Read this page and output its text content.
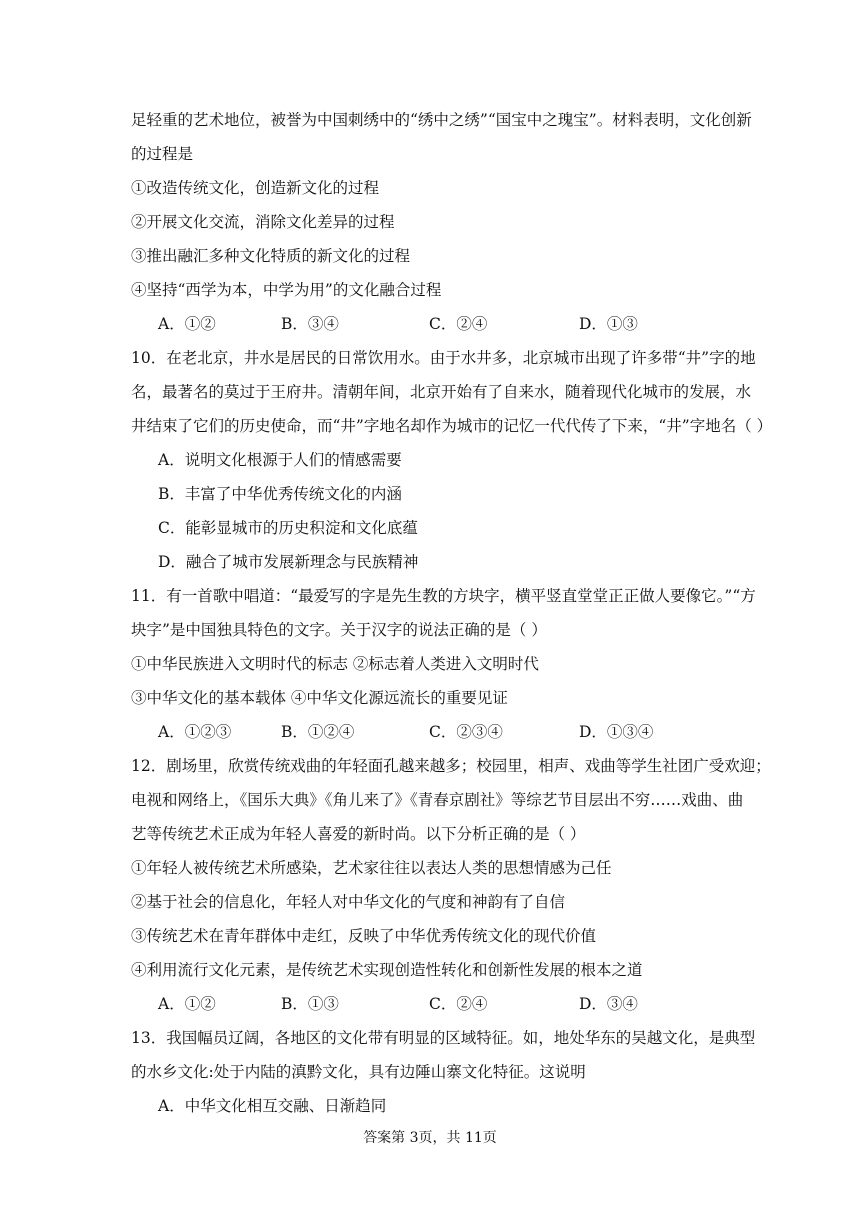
足轻重的艺术地位，被誉为中国刺绣中的“绣中之绣”“国宝中之瑰宝”。材料表明，文化创新
的过程是
①改造传统文化，创造新文化的过程
②开展文化交流，消除文化差异的过程
③推出融汇多种文化特质的新文化的过程
④坚持“西学为本，中学为用”的文化融合过程
A．①②	B．③④	C．②④	D．①③
10．在老北京，井水是居民的日常饮用水。由于水井多，北京城市出现了许多带“井”字的地
名，最著名的莫过于王府井。清朝年间，北京开始有了自来水，随着现代化城市的发展，水
井结束了它们的历史使命，而“井”字地名却作为城市的记忆一代代传了下来，“井”字地名（ ）
A．说明文化根源于人们的情感需要
B．丰富了中华优秀传统文化的内涵
C．能彰显城市的历史积淀和文化底蕴
D．融合了城市发展新理念与民族精神
11．有一首歌中唱道：“最爱写的字是先生教的方块字，横平竖直堂堂正正做人要像它。”“方
块字”是中国独具特色的文字。关于汉字的说法正确的是（ ）
①中华民族进入文明时代的标志 ②标志着人类进入文明时代
③中华文化的基本载体 ④中华文化源远流长的重要见证
A．①②③	B．①②④	C．②③④	D．①③④
12．剧场里，欣赏传统戏曲的年轻面孔越来越多；校园里，相声、戏曲等学生社团广受欢迎；
电视和网络上，《国乐大典》《角儿来了》《青春京剧社》等综艺节目层出不穷……戏曲、曲
艺等传统艺术正成为年轻人喜爱的新时尚。以下分析正确的是（ ）
①年轻人被传统艺术所感染，艺术家往往以表达人类的思想情感为己任
②基于社会的信息化，年轻人对中华文化的气度和神韵有了自信
③传统艺术在青年群体中走红，反映了中华优秀传统文化的现代价值
④利用流行文化元素，是传统艺术实现创造性转化和创新性发展的根本之道
A．①②	B．①③	C．②④	D．③④
13．我国幅员辽阔，各地区的文化带有明显的区域特征。如，地处华东的吴越文化，是典型
的水乡文化:处于内陆的滇黔文化，具有边陲山寨文化特征。这说明
A．中华文化相互交融、日渐趋同
答案第 3页，共 11页
